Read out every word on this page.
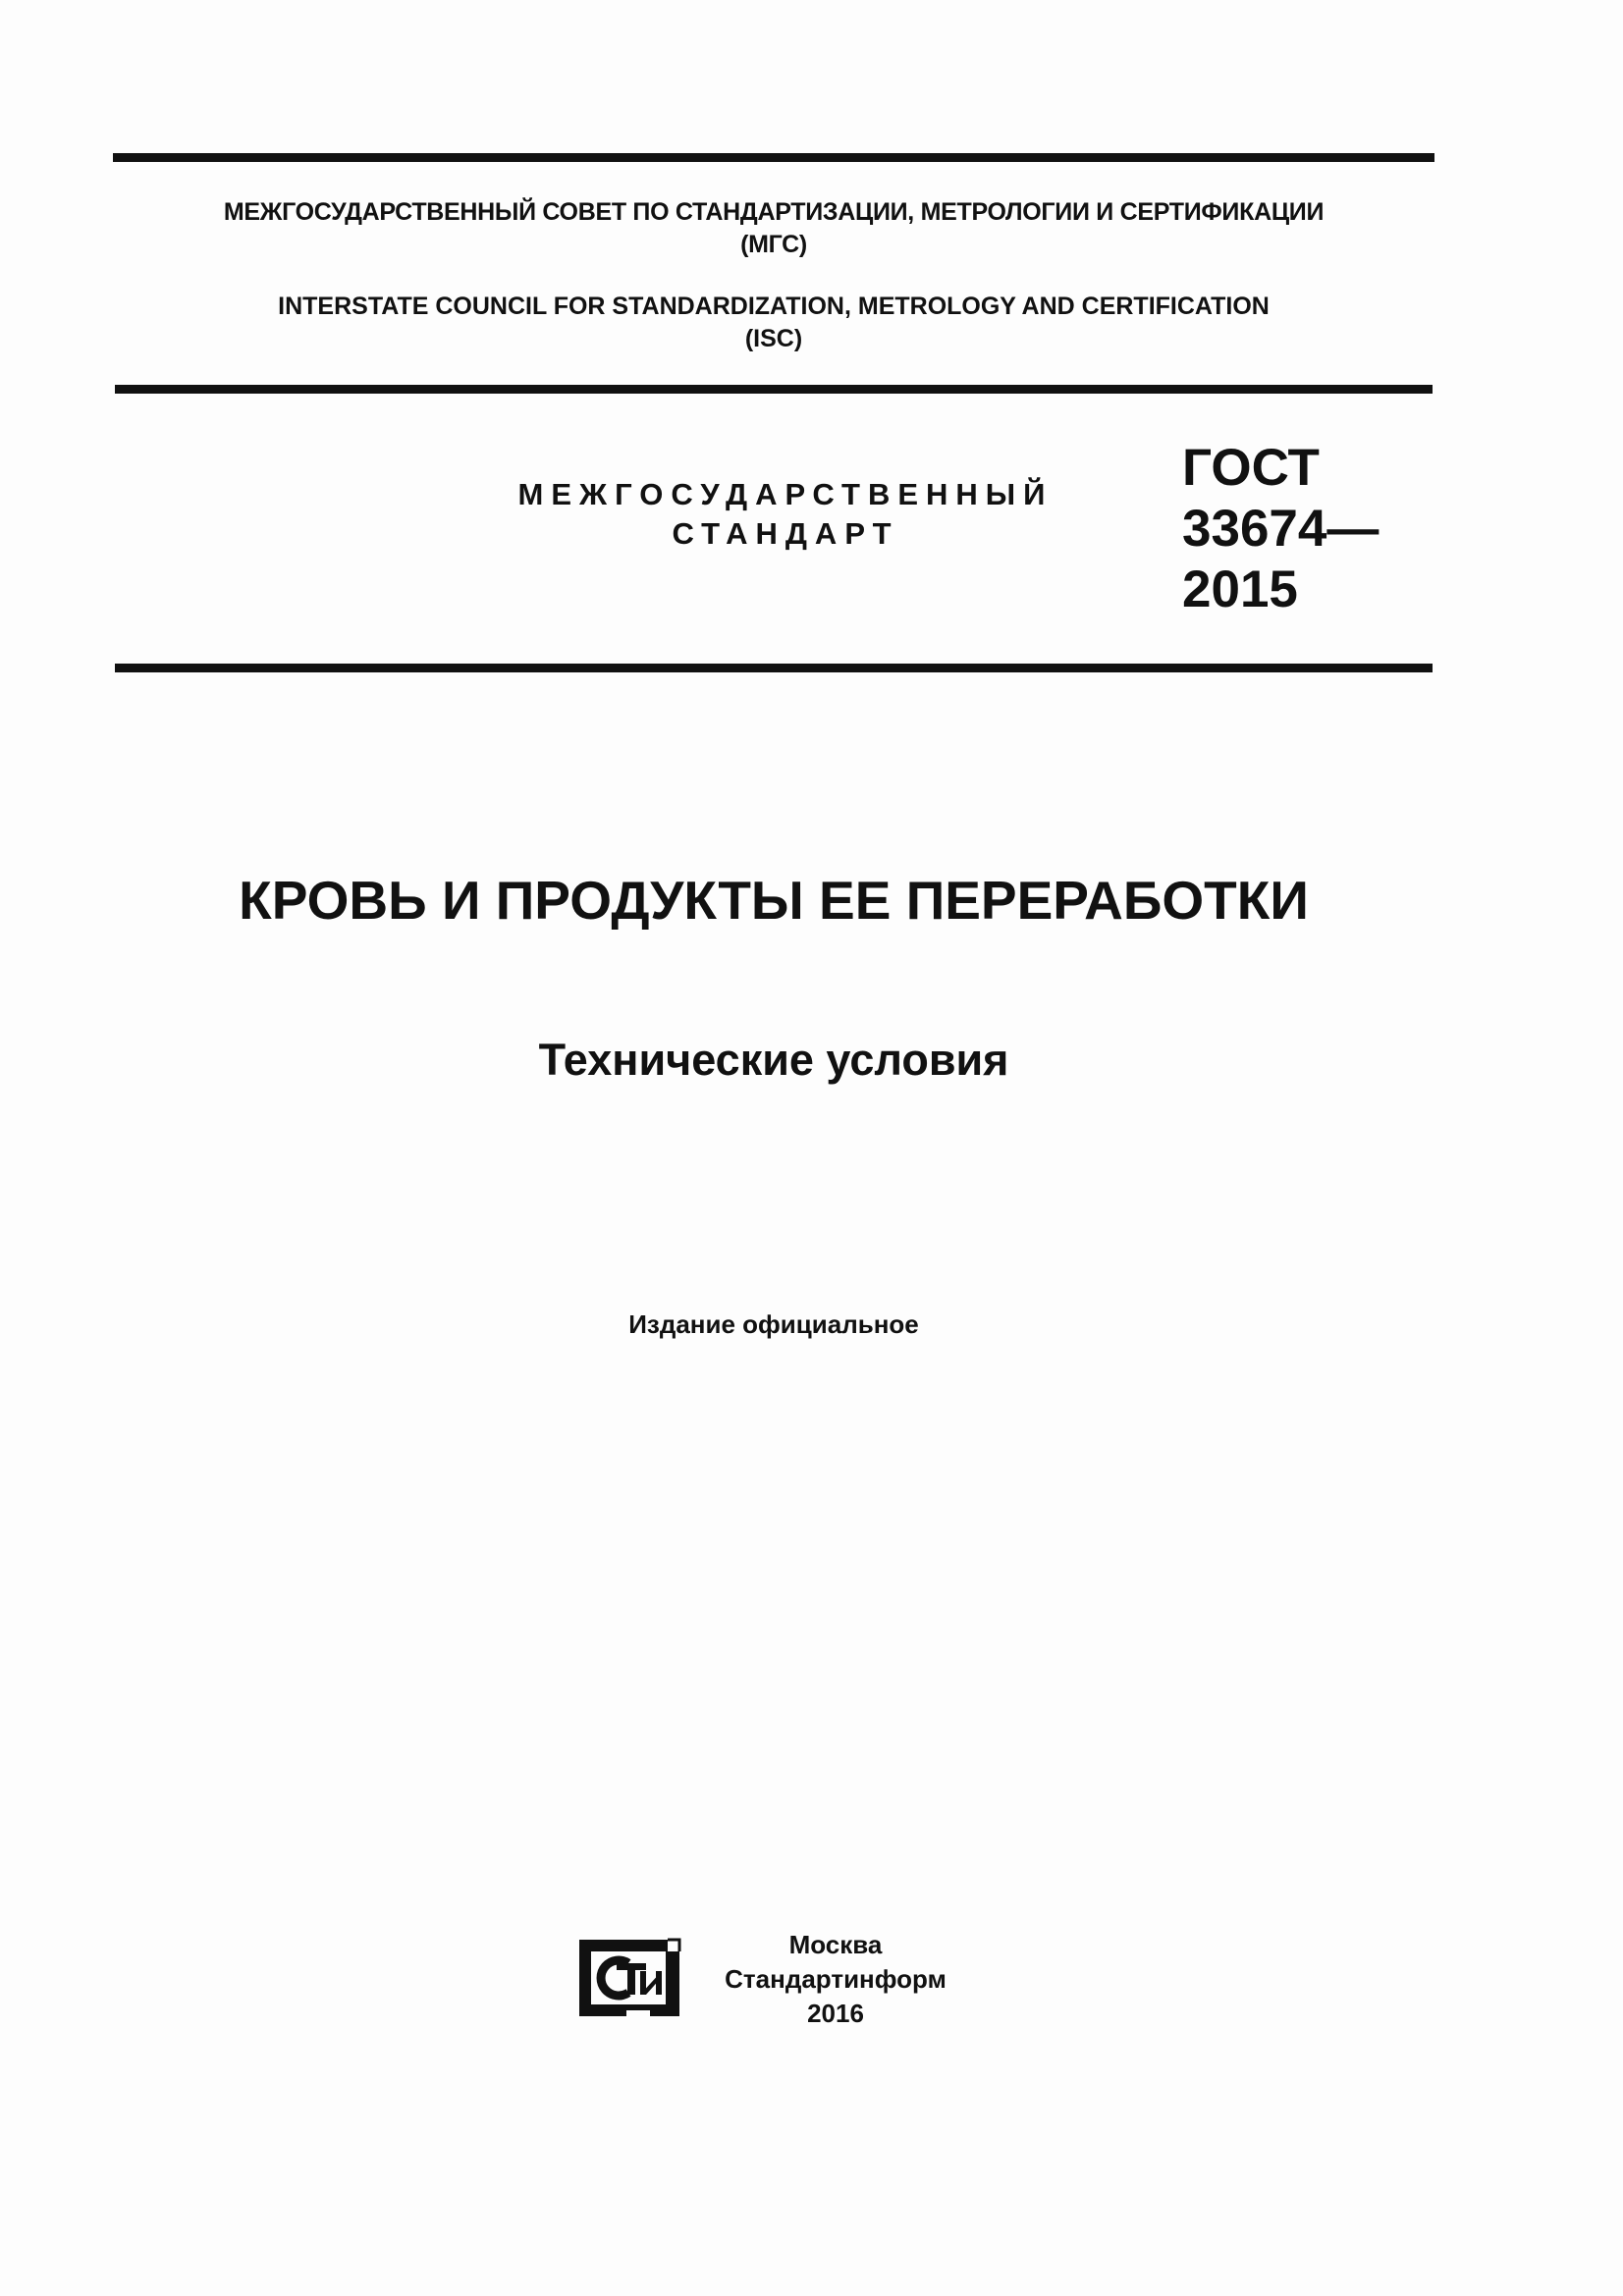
МЕЖГОСУДАРСТВЕННЫЙ СОВЕТ ПО СТАНДАРТИЗАЦИИ, МЕТРОЛОГИИ И СЕРТИФИКАЦИИ
(МГС)
INTERSTATE COUNCIL FOR STANDARDIZATION, METROLOGY AND CERTIFICATION
(ISC)
МЕЖГОСУДАРСТВЕННЫЙ
СТАНДАРТ
ГОСТ
33674—
2015
КРОВЬ И ПРОДУКТЫ ЕЕ ПЕРЕРАБОТКИ
Технические условия
Издание официальное
Москва
Стандартинформ
2016
